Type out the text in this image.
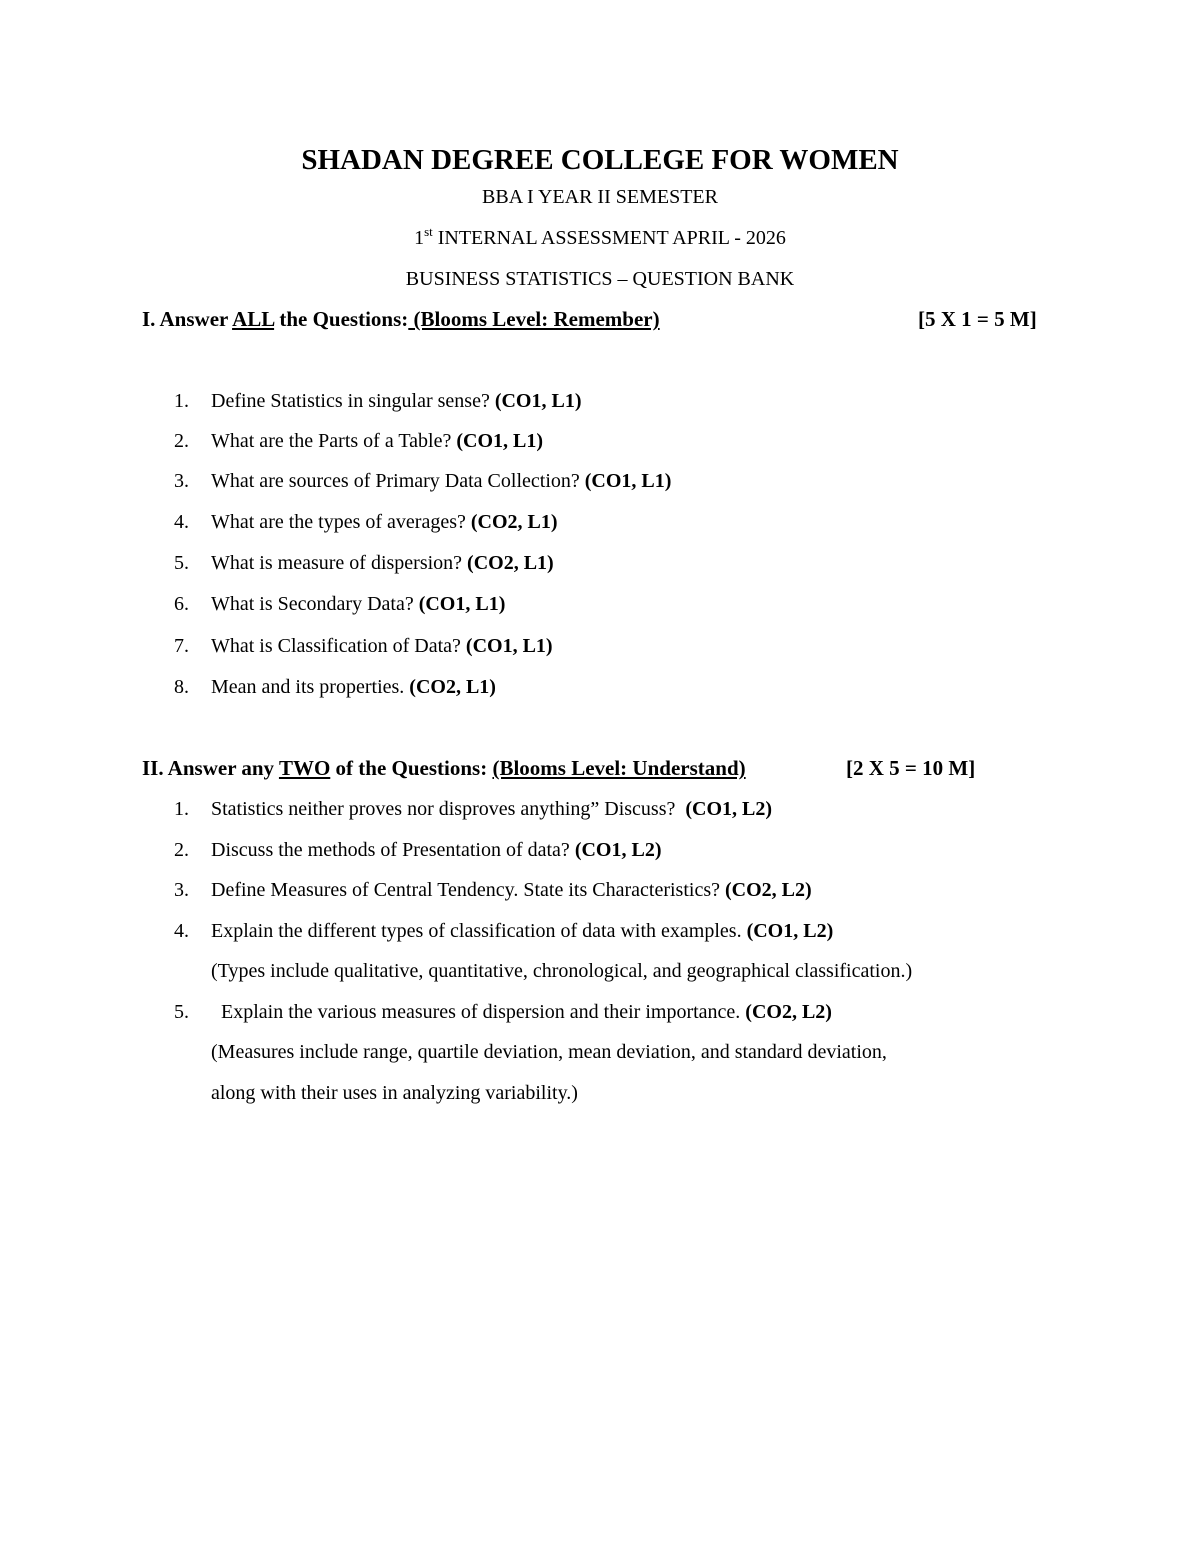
SHADAN DEGREE COLLEGE FOR WOMEN
BBA I YEAR II SEMESTER
1st INTERNAL ASSESSMENT APRIL - 2026
BUSINESS STATISTICS – QUESTION BANK
I. Answer ALL the Questions: (Blooms Level: Remember)	[5 X 1 = 5 M]
1.	Define Statistics in singular sense? (CO1, L1)
2.	What are the Parts of a Table? (CO1, L1)
3.	What are sources of Primary Data Collection? (CO1, L1)
4.	What are the types of averages? (CO2, L1)
5.	What is measure of dispersion? (CO2, L1)
6.	What is Secondary Data? (CO1, L1)
7.	What is Classification of Data? (CO1, L1)
8.	Mean and its properties. (CO2, L1)
II. Answer any TWO of the Questions: (Blooms Level: Understand)	[2 X 5 = 10 M]
1.	Statistics neither proves nor disproves anything” Discuss?  (CO1, L2)
2.	Discuss the methods of Presentation of data? (CO1, L2)
3.	Define Measures of Central Tendency. State its Characteristics? (CO2, L2)
4.	Explain the different types of classification of data with examples. (CO1, L2)
(Types include qualitative, quantitative, chronological, and geographical classification.)
5.	Explain the various measures of dispersion and their importance. (CO2, L2)
(Measures include range, quartile deviation, mean deviation, and standard deviation,
along with their uses in analyzing variability.)
